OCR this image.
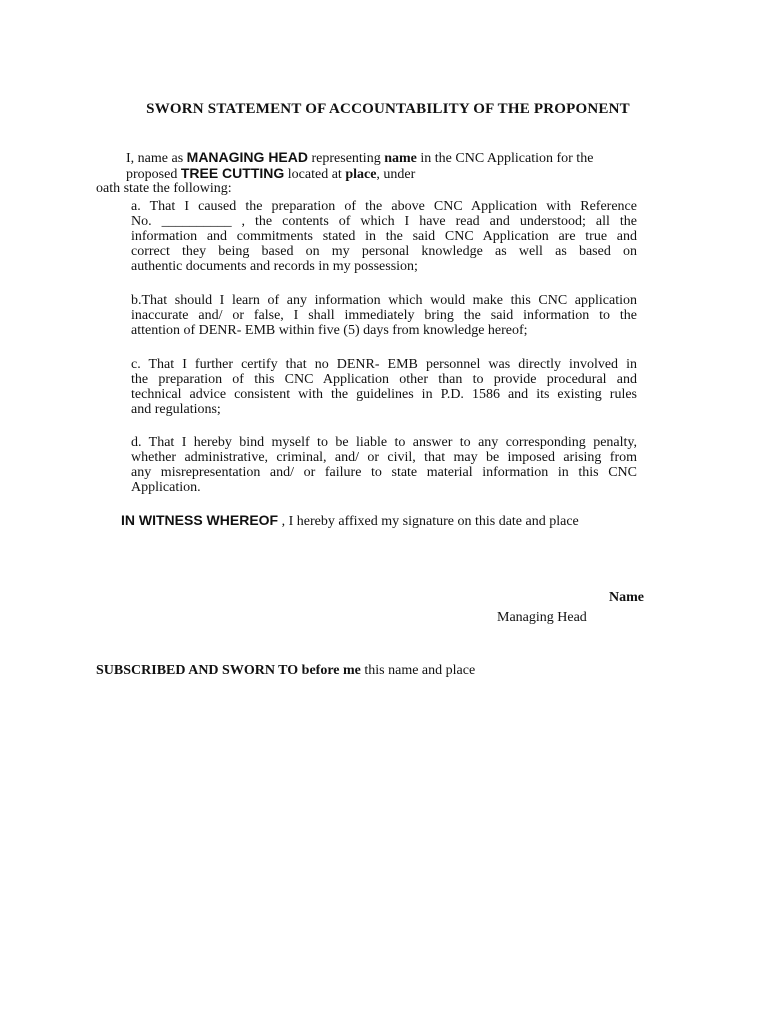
SWORN STATEMENT OF ACCOUNTABILITY OF THE PROPONENT
I, name as MANAGING HEAD representing name in the CNC Application for the
proposed TREE CUTTING located at place, under
oath state the following:
a. That I caused the preparation of the above CNC Application with Reference
No. __________ , the contents of which I have read and understood; all the
information and commitments stated in the said CNC Application are true and
correct they being based on my personal knowledge as well as based on
authentic documents and records in my possession;
b.That should I learn of any information which would make this CNC application
inaccurate and/ or false, I shall immediately bring the said information to the
attention of DENR- EMB within five (5) days from knowledge hereof;
c. That I further certify that no DENR- EMB personnel was directly involved in
the preparation of this CNC Application other than to provide procedural and
technical advice consistent with the guidelines in P.D. 1586 and its existing rules
and regulations;
d. That I hereby bind myself to be liable to answer to any corresponding penalty,
whether administrative, criminal, and/ or civil, that may be imposed arising from
any misrepresentation and/ or failure to state material information in this CNC
Application.
IN WITNESS WHEREOF , I hereby affixed my signature on this date and place
Name
Managing Head
SUBSCRIBED AND SWORN TO before me this name and place
